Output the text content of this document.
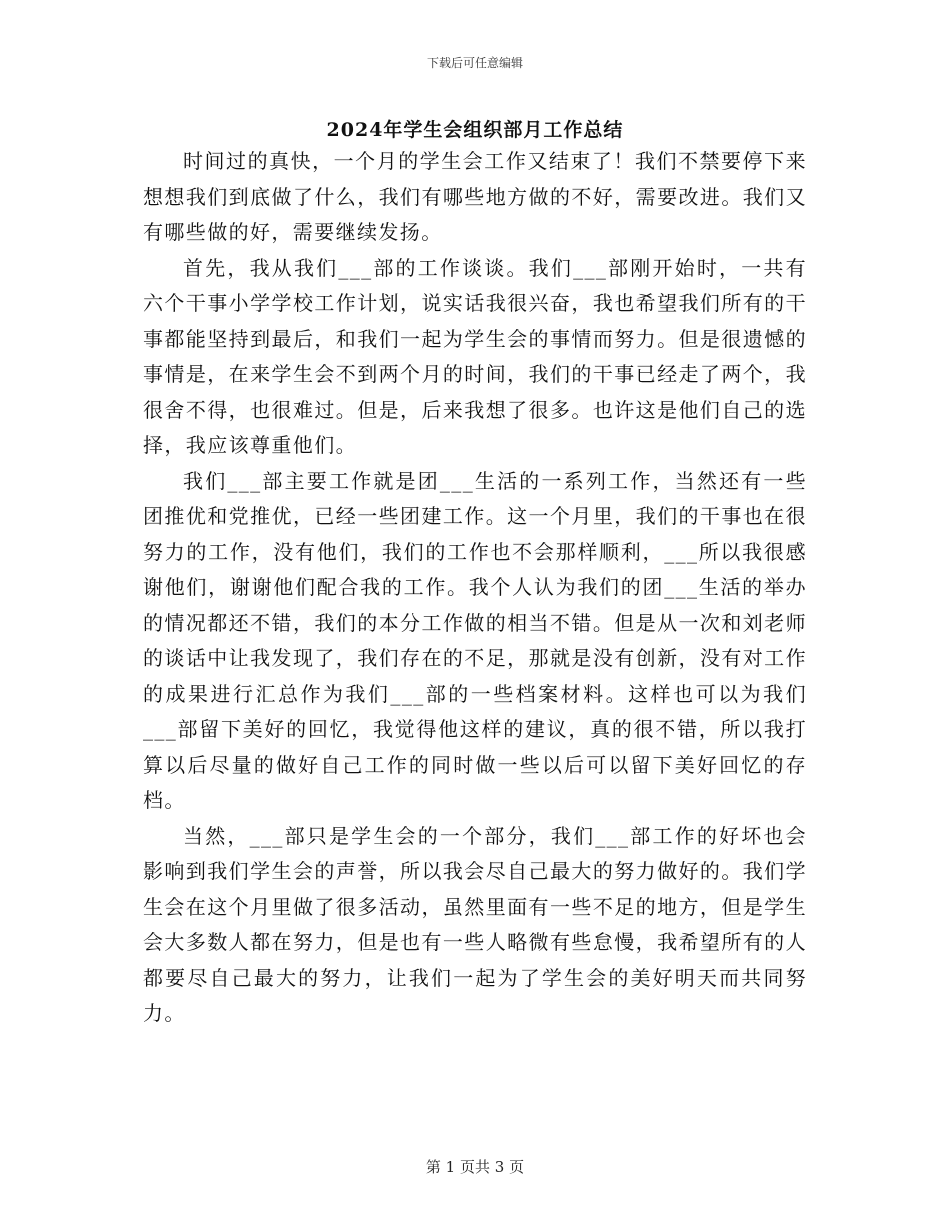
下载后可任意编辑
2024年学生会组织部月工作总结

时间过的真快，一个月的学生会工作又结束了！我们不禁要停下来想想我们到底做了什么，我们有哪些地方做的不好，需要改进。我们又有哪些做的好，需要继续发扬。

首先，我从我们___部的工作谈谈。我们___部刚开始时，一共有六个干事小学学校工作计划，说实话我很兴奋，我也希望我们所有的干事都能坚持到最后，和我们一起为学生会的事情而努力。但是很遗憾的事情是，在来学生会不到两个月的时间，我们的干事已经走了两个，我很舍不得，也很难过。但是，后来我想了很多。也许这是他们自己的选择，我应该尊重他们。

我们___部主要工作就是团___生活的一系列工作，当然还有一些团推优和党推优，已经一些团建工作。这一个月里，我们的干事也在很努力的工作，没有他们，我们的工作也不会那样顺利，___所以我很感谢他们，谢谢他们配合我的工作。我个人认为我们的团___生活的举办的情况都还不错，我们的本分工作做的相当不错。但是从一次和刘老师的谈话中让我发现了，我们存在的不足，那就是没有创新，没有对工作的成果进行汇总作为我们___部的一些档案材料。这样也可以为我们___部留下美好的回忆，我觉得他这样的建议，真的很不错，所以我打算以后尽量的做好自己工作的同时做一些以后可以留下美好回忆的存档。

当然，___部只是学生会的一个部分，我们___部工作的好坏也会影响到我们学生会的声誉，所以我会尽自己最大的努力做好的。我们学生会在这个月里做了很多活动，虽然里面有一些不足的地方，但是学生会大多数人都在努力，但是也有一些人略微有些怠慢，我希望所有的人都要尽自己最大的努力，让我们一起为了学生会的美好明天而共同努力。

第 1 页共 3 页
